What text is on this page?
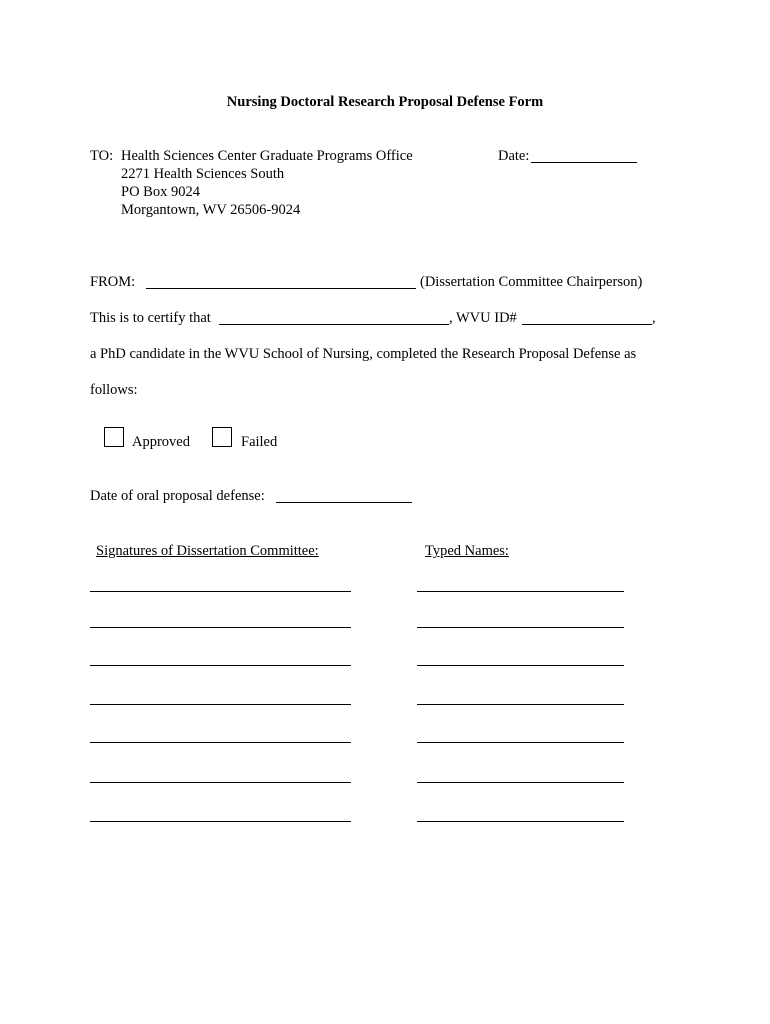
Nursing Doctoral Research Proposal Defense Form
TO: Health Sciences Center Graduate Programs Office
2271 Health Sciences South
PO Box 9024
Morgantown, WV 26506-9024
Date:
FROM:	(Dissertation Committee Chairperson)
This is to certify that	, WVU ID#	,
a PhD candidate in the WVU School of Nursing, completed the Research Proposal Defense as
follows:
Approved	Failed
Date of oral proposal defense:
Signatures of Dissertation Committee:	Typed Names:
